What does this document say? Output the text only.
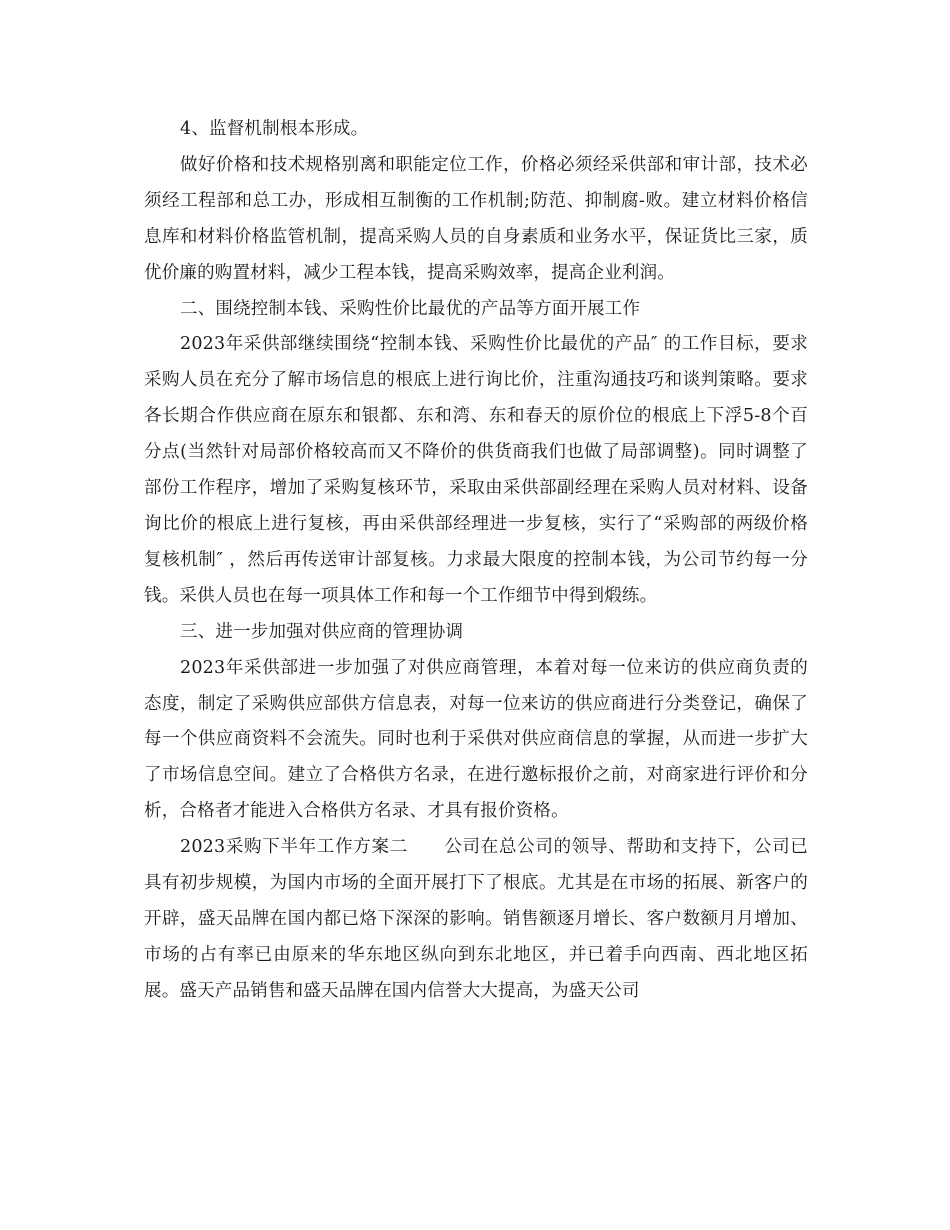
4、监督机制根本形成。

做好价格和技术规格别离和职能定位工作，价格必须经采供部和审计部，技术必须经工程部和总工办，形成相互制衡的工作机制;防范、抑制腐-败。建立材料价格信息库和材料价格监管机制，提高采购人员的自身素质和业务水平，保证货比三家，质优价廉的购置材料，减少工程本钱，提高采购效率，提高企业利润。

二、围绕控制本钱、采购性价比最优的产品等方面开展工作

2023年采供部继续围绕“控制本钱、采购性价比最优的产品″ 的工作目标，要求采购人员在充分了解市场信息的根底上进行询比价，注重沟通技巧和谈判策略。要求各长期合作供应商在原东和银都、东和湾、东和春天的原价位的根底上下浮5-8个百分点(当然针对局部价格较高而又不降价的供货商我们也做了局部调整)。同时调整了部份工作程序，增加了采购复核环节，采取由采供部副经理在采购人员对材料、设备询比价的根底上进行复核，再由采供部经理进一步复核，实行了“采购部的两级价格复核机制″ ，然后再传送审计部复核。力求最大限度的控制本钱，为公司节约每一分钱。采供人员也在每一项具体工作和每一个工作细节中得到煅练。

三、进一步加强对供应商的管理协调

2023年采供部进一步加强了对供应商管理，本着对每一位来访的供应商负责的态度，制定了采购供应部供方信息表，对每一位来访的供应商进行分类登记，确保了每一个供应商资料不会流失。同时也利于采供对供应商信息的掌握，从而进一步扩大了市场信息空间。建立了合格供方名录，在进行邀标报价之前，对商家进行评价和分析，合格者才能进入合格供方名录、才具有报价资格。

2023采购下半年工作方案二　　公司在总公司的领导、帮助和支持下，公司已具有初步规模，为国内市场的全面开展打下了根底。尤其是在市场的拓展、新客户的开辟，盛天品牌在国内都已烙下深深的影响。销售额逐月增长、客户数额月月增加、市场的占有率已由原来的华东地区纵向到东北地区，并已着手向西南、西北地区拓展。盛天产品销售和盛天品牌在国内信誉大大提高，为盛天公司
